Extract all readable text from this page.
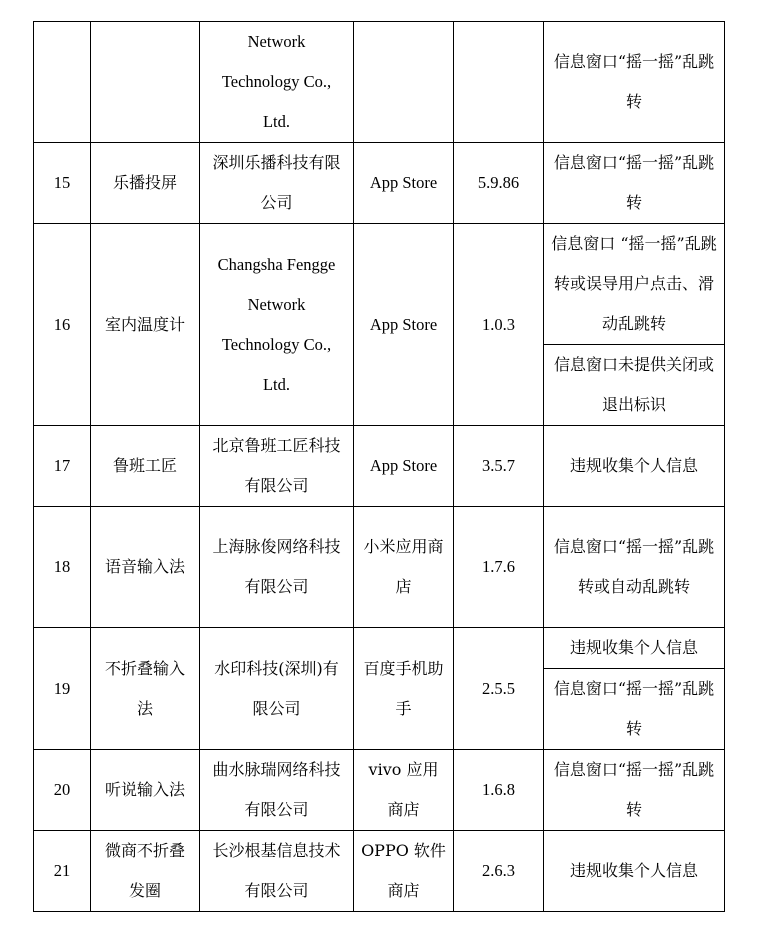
		Network Technology Co., Ltd.			信息窗口“摇一摇”乱跳转
15	乐播投屏	深圳乐播科技有限公司	App Store	5.9.86	信息窗口“摇一摇”乱跳转
16	室内温度计	Changsha Fengge Network Technology Co., Ltd.	App Store	1.0.3	信息窗口 “摇一摇”乱跳转或误导用户点击、滑动乱跳转
					信息窗口未提供关闭或退出标识
17	鲁班工匠	北京鲁班工匠科技有限公司	App Store	3.5.7	违规收集个人信息
18	语音输入法	上海脉俊网络科技有限公司	小米应用商店	1.7.6	信息窗口“摇一摇”乱跳转或自动乱跳转
19	不折叠输入法	水印科技(深圳)有限公司	百度手机助手	2.5.5	违规收集个人信息
					信息窗口“摇一摇”乱跳转
20	听说输入法	曲水脉瑞网络科技有限公司	vivo 应用商店	1.6.8	信息窗口“摇一摇”乱跳转
21	微商不折叠发圈	长沙根基信息技术有限公司	OPPO 软件商店	2.6.3	违规收集个人信息
